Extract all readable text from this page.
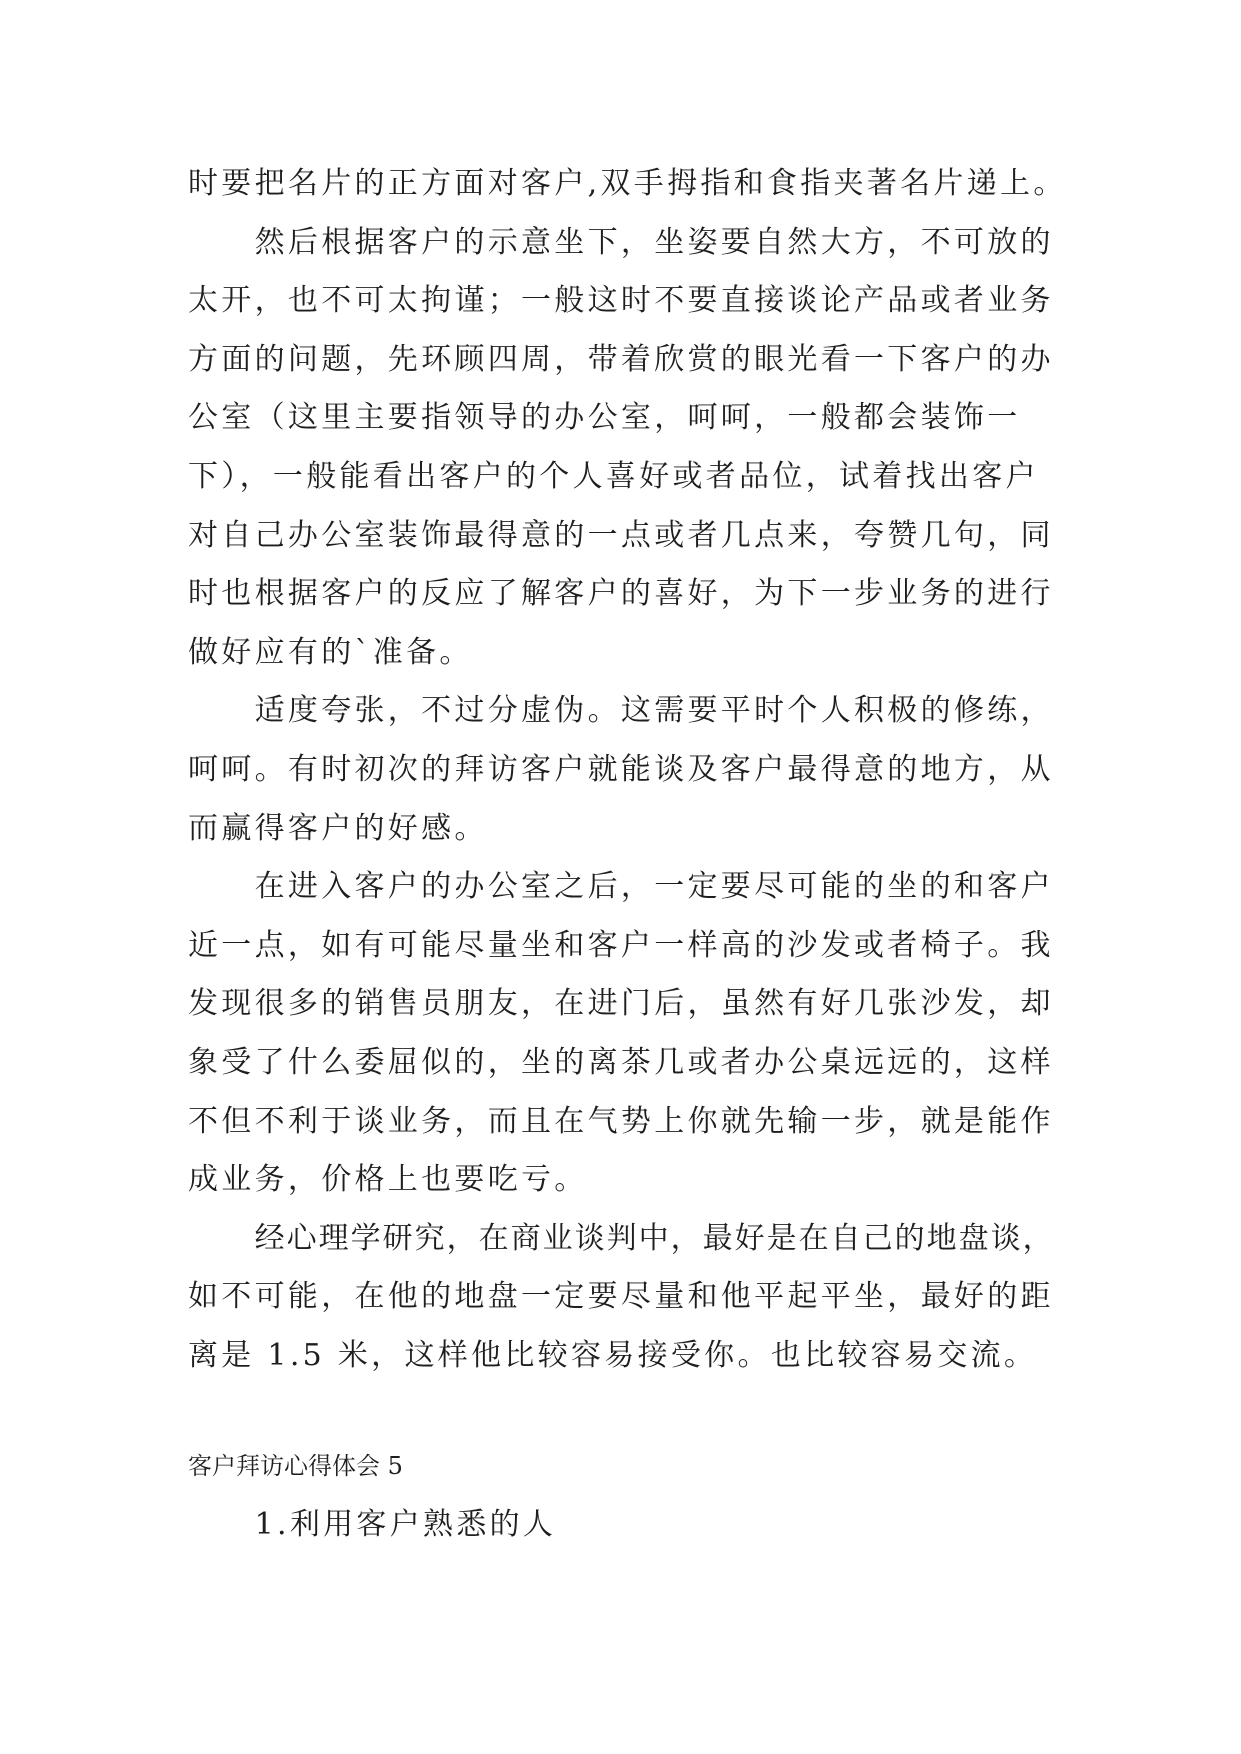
时要把名片的正方面对客户,双手拇指和食指夹著名片递上。
然后根据客户的示意坐下，坐姿要自然大方，不可放的
太开，也不可太拘谨；一般这时不要直接谈论产品或者业务
方面的问题，先环顾四周，带着欣赏的眼光看一下客户的办
公室（这里主要指领导的办公室，呵呵，一般都会装饰一
下），一般能看出客户的个人喜好或者品位，试着找出客户
对自己办公室装饰最得意的一点或者几点来，夸赞几句，同
时也根据客户的反应了解客户的喜好，为下一步业务的进行
做好应有的`准备。
适度夸张，不过分虚伪。这需要平时个人积极的修练，
呵呵。有时初次的拜访客户就能谈及客户最得意的地方，从
而赢得客户的好感。
在进入客户的办公室之后，一定要尽可能的坐的和客户
近一点，如有可能尽量坐和客户一样高的沙发或者椅子。我
发现很多的销售员朋友，在进门后，虽然有好几张沙发，却
象受了什么委屈似的，坐的离茶几或者办公桌远远的，这样
不但不利于谈业务，而且在气势上你就先输一步，就是能作
成业务，价格上也要吃亏。
经心理学研究，在商业谈判中，最好是在自己的地盘谈，
如不可能，在他的地盘一定要尽量和他平起平坐，最好的距
离是 1.5 米，这样他比较容易接受你。也比较容易交流。
客户拜访心得体会 5
1.利用客户熟悉的人
